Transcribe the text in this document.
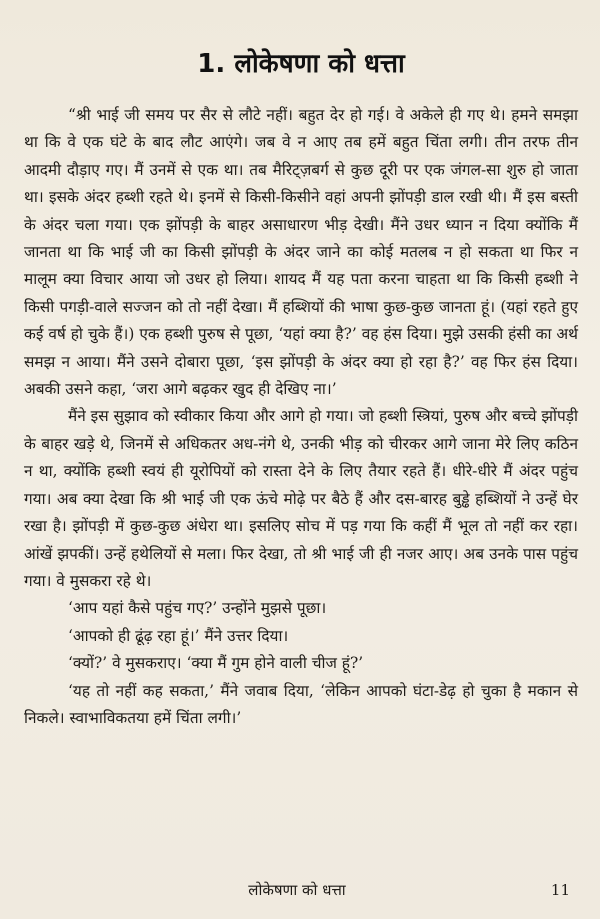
1. लोकेषणा को धत्ता

“श्री भाई जी समय पर सैर से लौटे नहीं। बहुत देर हो गई। वे अकेले ही गए थे। हमने समझा था कि वे एक घंटे के बाद लौट आएंगे। जब वे न आए तब हमें बहुत चिंता लगी। तीन तरफ तीन आदमी दौड़ाए गए। मैं उनमें से एक था। तब मैरिट्ज़बर्ग से कुछ दूरी पर एक जंगल-सा शुरु हो जाता था। इसके अंदर हब्शी रहते थे। इनमें से किसी-किसीने वहां अपनी झोंपड़ी डाल रखी थी। मैं इस बस्ती के अंदर चला गया। एक झोंपड़ी के बाहर असाधारण भीड़ देखी। मैंने उधर ध्यान न दिया क्योंकि मैं जानता था कि भाई जी का किसी झोंपड़ी के अंदर जाने का कोई मतलब न हो सकता था फिर न मालूम क्या विचार आया जो उधर हो लिया। शायद मैं यह पता करना चाहता था कि किसी हब्शी ने किसी पगड़ी-वाले सज्जन को तो नहीं देखा। मैं हब्शियों की भाषा कुछ-कुछ जानता हूं। (यहां रहते हुए कई वर्ष हो चुके हैं।) एक हब्शी पुरुष से पूछा, ‘यहां क्या है?’ वह हंस दिया। मुझे उसकी हंसी का अर्थ समझ न आया। मैंने उसने दोबारा पूछा, ‘इस झोंपड़ी के अंदर क्या हो रहा है?’ वह फिर हंस दिया। अबकी उसने कहा, ‘जरा आगे बढ़कर खुद ही देखिए ना।’

मैंने इस सुझाव को स्वीकार किया और आगे हो गया। जो हब्शी स्त्रियां, पुरुष और बच्चे झोंपड़ी के बाहर खड़े थे, जिनमें से अधिकतर अध-नंगे थे, उनकी भीड़ को चीरकर आगे जाना मेरे लिए कठिन न था, क्योंकि हब्शी स्वयं ही यूरोपियों को रास्ता देने के लिए तैयार रहते हैं। धीरे-धीरे मैं अंदर पहुंच गया। अब क्या देखा कि श्री भाई जी एक ऊंचे मोढ़े पर बैठे हैं और दस-बारह बुड्ढे हब्शियों ने उन्हें घेर रखा है। झोंपड़ी में कुछ-कुछ अंधेरा था। इसलिए सोच में पड़ गया कि कहीं मैं भूल तो नहीं कर रहा। आंखें झपकीं। उन्हें हथेलियों से मला। फिर देखा, तो श्री भाई जी ही नजर आए। अब उनके पास पहुंच गया। वे मुसकरा रहे थे।

‘आप यहां कैसे पहुंच गए?’ उन्होंने मुझसे पूछा।

‘आपको ही ढूंढ़ रहा हूं।’ मैंने उत्तर दिया।

‘क्यों?’ वे मुसकराए। ‘क्या मैं गुम होने वाली चीज हूं?’

‘यह तो नहीं कह सकता,’ मैंने जवाब दिया, ‘लेकिन आपको घंटा-डेढ़ हो चुका है मकान से निकले। स्वाभाविकतया हमें चिंता लगी।’

लोकेषणा को धत्ता	11
